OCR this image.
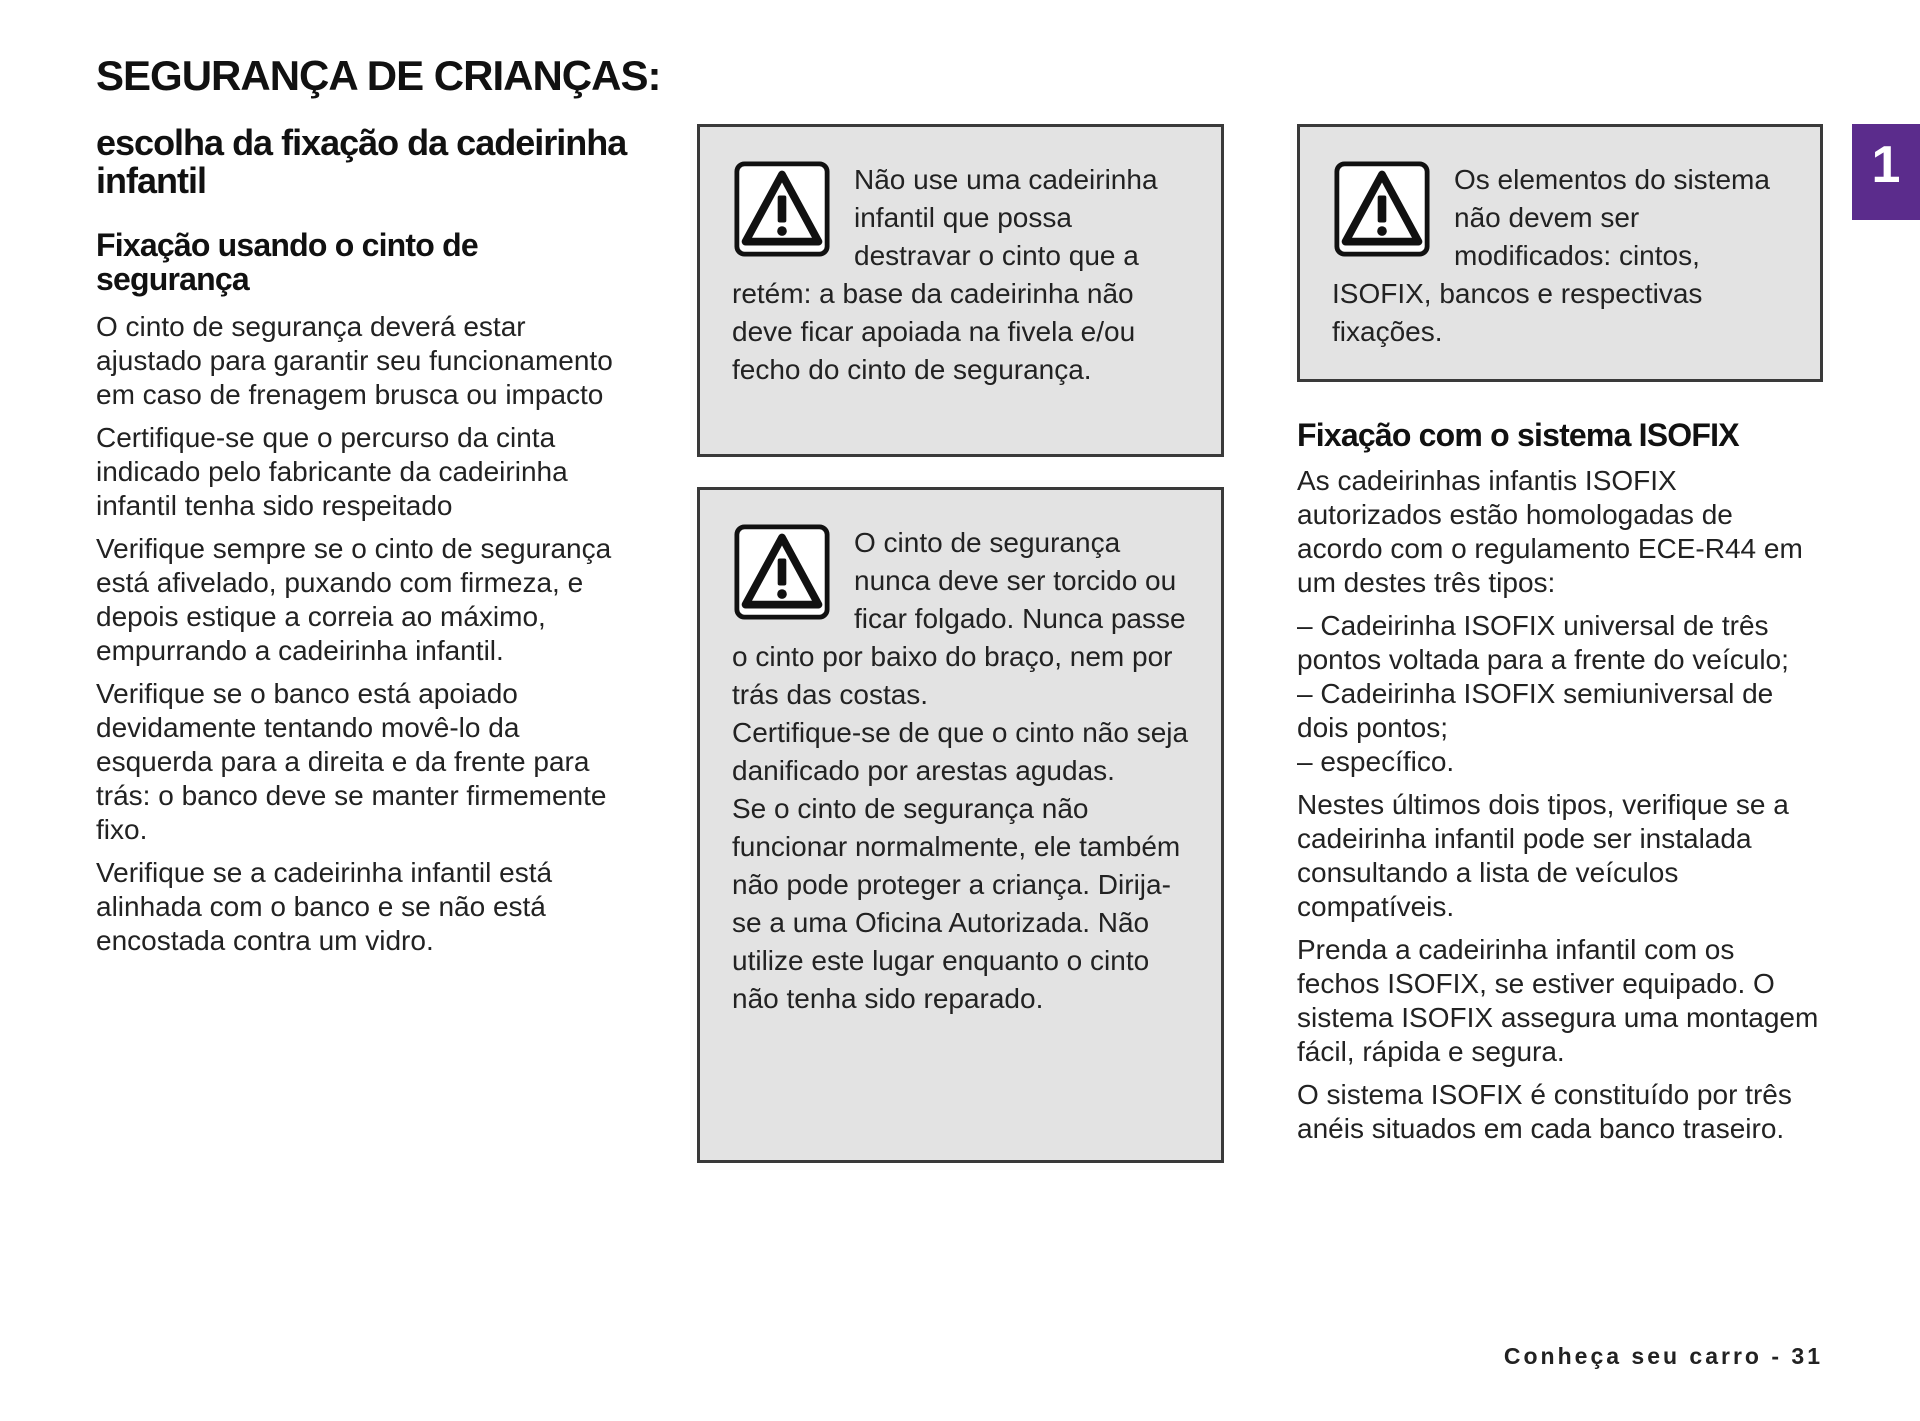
SEGURANÇA DE CRIANÇAS:
1
escolha da fixação da cadeirinha infantil
Fixação usando o cinto de segurança

O cinto de segurança deverá estar ajustado para garantir seu funcionamento em caso de frenagem brusca ou impacto

Certifique-se que o percurso da cinta indicado pelo fabricante da cadeirinha infantil tenha sido respeitado

Verifique sempre se o cinto de segurança está afivelado, puxando com firmeza, e depois estique a correia ao máximo, empurrando a cadeirinha infantil.

Verifique se o banco está apoiado devidamente tentando movê-lo da esquerda para a direita e da frente para trás: o banco deve se manter firmemente fixo.

Verifique se a cadeirinha infantil está alinhada com o banco e se não está encostada contra um vidro.

Não use uma cadeirinha infantil que possa destravar o cinto que a retém: a base da cadeirinha não deve ficar apoiada na fivela e/ou fecho do cinto de segurança.

O cinto de segurança nunca deve ser torcido ou ficar folgado. Nunca passe o cinto por baixo do braço, nem por trás das costas.

Certifique-se de que o cinto não seja danificado por arestas agudas.

Se o cinto de segurança não funcionar normalmente, ele também não pode proteger a criança. Dirija-se a uma Oficina Autorizada. Não utilize este lugar enquanto o cinto não tenha sido reparado.

Os elementos do sistema não devem ser modificados: cintos, ISOFIX, bancos e respectivas fixações.

Fixação com o sistema ISOFIX

As cadeirinhas infantis ISOFIX autorizados estão homologadas de acordo com o regulamento ECE-R44 em um destes três tipos:

– Cadeirinha ISOFIX universal de três pontos voltada para a frente do veículo;

– Cadeirinha ISOFIX semiuniversal de dois pontos;

– específico.

Nestes últimos dois tipos, verifique se a cadeirinha infantil pode ser instalada consultando a lista de veículos compatíveis.

Prenda a cadeirinha infantil com os fechos ISOFIX, se estiver equipado. O sistema ISOFIX assegura uma montagem fácil, rápida e segura.

O sistema ISOFIX é constituído por três anéis situados em cada banco traseiro.

Conheça seu carro - 31
